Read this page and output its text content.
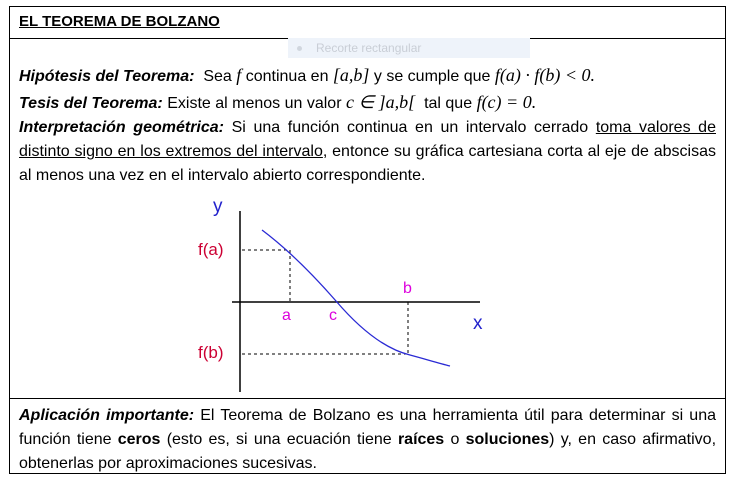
EL TEOREMA DE BOLZANO
Recorte rectangular
Hipótesis del Teorema: Sea f continua en [a,b] y se cumple que f(a) · f(b) < 0.
Tesis del Teorema: Existe al menos un valor c ∈ ]a,b[ tal que f(c) = 0.
Interpretación geométrica: Si una función continua en un intervalo cerrado toma valores de distinto signo en los extremos del intervalo, entonce su gráfica cartesiana corta al eje de abscisas al menos una vez en el intervalo abierto correspondiente.
y
x
f(a)
f(b)
a c
b
Aplicación importante: El Teorema de Bolzano es una herramienta útil para determinar si una función tiene ceros (esto es, si una ecuación tiene raíces o soluciones) y, en caso afirmativo, obtenerlas por aproximaciones sucesivas.
